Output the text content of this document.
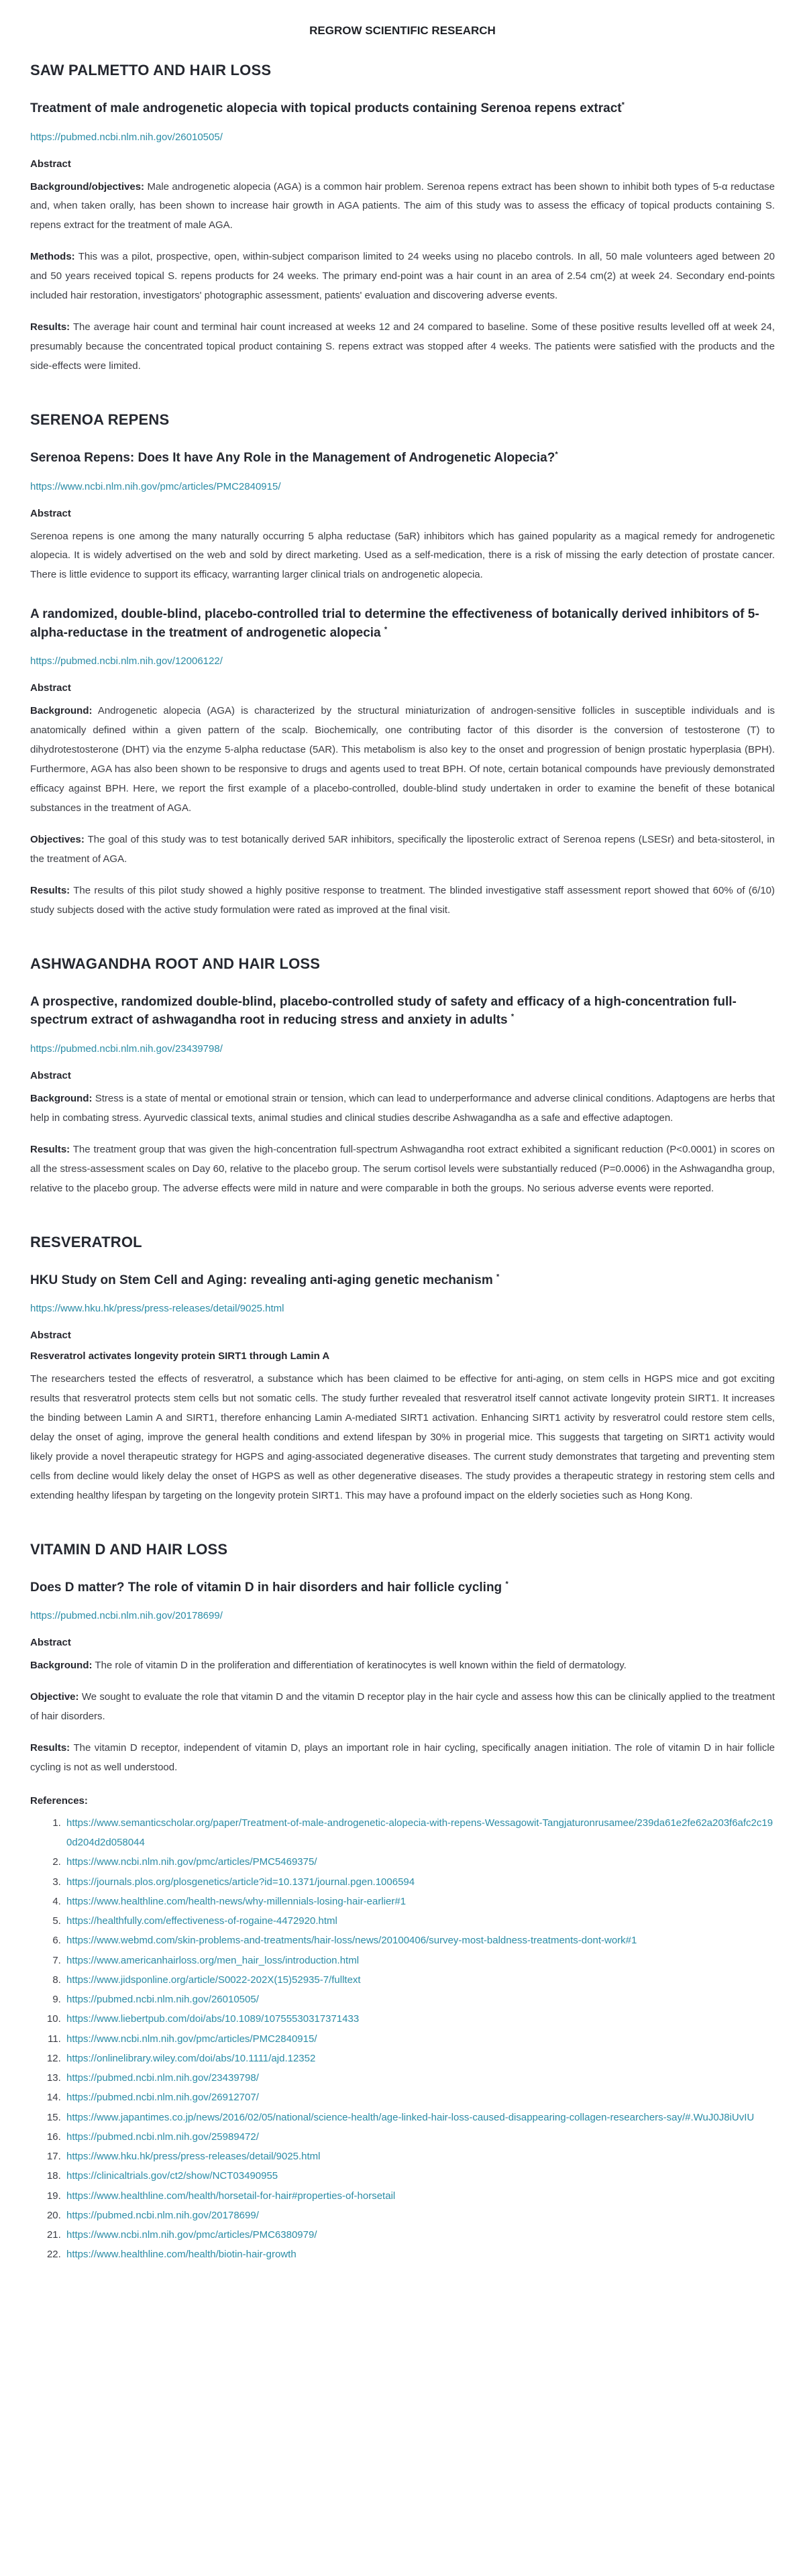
REGROW SCIENTIFIC RESEARCH
SAW PALMETTO AND HAIR LOSS
Treatment of male androgenetic alopecia with topical products containing Serenoa repens extract*

https://pubmed.ncbi.nlm.nih.gov/26010505/

Abstract

Background/objectives: Male androgenetic alopecia (AGA) is a common hair problem. Serenoa repens extract has been shown to inhibit both types of 5-α reductase and, when taken orally, has been shown to increase hair growth in AGA patients. The aim of this study was to assess the efficacy of topical products containing S. repens extract for the treatment of male AGA.

Methods: This was a pilot, prospective, open, within-subject comparison limited to 24 weeks using no placebo controls. In all, 50 male volunteers aged between 20 and 50 years received topical S. repens products for 24 weeks. The primary end-point was a hair count in an area of 2.54 cm(2) at week 24. Secondary end-points included hair restoration, investigators' photographic assessment, patients' evaluation and discovering adverse events.

Results: The average hair count and terminal hair count increased at weeks 12 and 24 compared to baseline. Some of these positive results levelled off at week 24, presumably because the concentrated topical product containing S. repens extract was stopped after 4 weeks. The patients were satisfied with the products and the side-effects were limited.

SERENOA REPENS
Serenoa Repens: Does It have Any Role in the Management of Androgenetic Alopecia?*

https://www.ncbi.nlm.nih.gov/pmc/articles/PMC2840915/

Abstract

Serenoa repens is one among the many naturally occurring 5 alpha reductase (5aR) inhibitors which has gained popularity as a magical remedy for androgenetic alopecia. It is widely advertised on the web and sold by direct marketing. Used as a self-medication, there is a risk of missing the early detection of prostate cancer. There is little evidence to support its efficacy, warranting larger clinical trials on androgenetic alopecia.

A randomized, double-blind, placebo-controlled trial to determine the effectiveness of botanically derived inhibitors of 5-alpha-reductase in the treatment of androgenetic alopecia *

https://pubmed.ncbi.nlm.nih.gov/12006122/

Abstract

Background: Androgenetic alopecia (AGA) is characterized by the structural miniaturization of androgen-sensitive follicles in susceptible individuals and is anatomically defined within a given pattern of the scalp. Biochemically, one contributing factor of this disorder is the conversion of testosterone (T) to dihydrotestosterone (DHT) via the enzyme 5-alpha reductase (5AR). This metabolism is also key to the onset and progression of benign prostatic hyperplasia (BPH). Furthermore, AGA has also been shown to be responsive to drugs and agents used to treat BPH. Of note, certain botanical compounds have previously demonstrated efficacy against BPH. Here, we report the first example of a placebo-controlled, double-blind study undertaken in order to examine the benefit of these botanical substances in the treatment of AGA.

Objectives: The goal of this study was to test botanically derived 5AR inhibitors, specifically the liposterolic extract of Serenoa repens (LSESr) and beta-sitosterol, in the treatment of AGA.

Results: The results of this pilot study showed a highly positive response to treatment. The blinded investigative staff assessment report showed that 60% of (6/10) study subjects dosed with the active study formulation were rated as improved at the final visit.

ASHWAGANDHA ROOT AND HAIR LOSS
A prospective, randomized double-blind, placebo-controlled study of safety and efficacy of a high-concentration full-spectrum extract of ashwagandha root in reducing stress and anxiety in adults *

https://pubmed.ncbi.nlm.nih.gov/23439798/

Abstract

Background: Stress is a state of mental or emotional strain or tension, which can lead to underperformance and adverse clinical conditions. Adaptogens are herbs that help in combating stress. Ayurvedic classical texts, animal studies and clinical studies describe Ashwagandha as a safe and effective adaptogen.

Results: The treatment group that was given the high-concentration full-spectrum Ashwagandha root extract exhibited a significant reduction (P<0.0001) in scores on all the stress-assessment scales on Day 60, relative to the placebo group. The serum cortisol levels were substantially reduced (P=0.0006) in the Ashwagandha group, relative to the placebo group. The adverse effects were mild in nature and were comparable in both the groups. No serious adverse events were reported.

RESVERATROL
HKU Study on Stem Cell and Aging: revealing anti-aging genetic mechanism *

https://www.hku.hk/press/press-releases/detail/9025.html

Abstract

Resveratrol activates longevity protein SIRT1 through Lamin A

The researchers tested the effects of resveratrol, a substance which has been claimed to be effective for anti-aging, on stem cells in HGPS mice and got exciting results that resveratrol protects stem cells but not somatic cells. The study further revealed that resveratrol itself cannot activate longevity protein SIRT1. It increases the binding between Lamin A and SIRT1, therefore enhancing Lamin A-mediated SIRT1 activation. Enhancing SIRT1 activity by resveratrol could restore stem cells, delay the onset of aging, improve the general health conditions and extend lifespan by 30% in progerial mice. This suggests that targeting on SIRT1 activity would likely provide a novel therapeutic strategy for HGPS and aging-associated degenerative diseases. The current study demonstrates that targeting and preventing stem cells from decline would likely delay the onset of HGPS as well as other degenerative diseases. The study provides a therapeutic strategy in restoring stem cells and extending healthy lifespan by targeting on the longevity protein SIRT1. This may have a profound impact on the elderly societies such as Hong Kong.

VITAMIN D AND HAIR LOSS
Does D matter? The role of vitamin D in hair disorders and hair follicle cycling *

https://pubmed.ncbi.nlm.nih.gov/20178699/

Abstract

Background: The role of vitamin D in the proliferation and differentiation of keratinocytes is well known within the field of dermatology.

Objective: We sought to evaluate the role that vitamin D and the vitamin D receptor play in the hair cycle and assess how this can be clinically applied to the treatment of hair disorders.

Results: The vitamin D receptor, independent of vitamin D, plays an important role in hair cycling, specifically anagen initiation. The role of vitamin D in hair follicle cycling is not as well understood.

References:

1. https://www.semanticscholar.org/paper/Treatment-of-male-androgenetic-alopecia-with-repens-Wessagowit-Tangjaturonrusamee/239da61e2fe62a203f6afc2c190d204d2d058044
2. https://www.ncbi.nlm.nih.gov/pmc/articles/PMC5469375/
3. https://journals.plos.org/plosgenetics/article?id=10.1371/journal.pgen.1006594
4. https://www.healthline.com/health-news/why-millennials-losing-hair-earlier#1
5. https://healthfully.com/effectiveness-of-rogaine-4472920.html
6. https://www.webmd.com/skin-problems-and-treatments/hair-loss/news/20100406/survey-most-baldness-treatments-dont-work#1
7. https://www.americanhairloss.org/men_hair_loss/introduction.html
8. https://www.jidsponline.org/article/S0022-202X(15)52935-7/fulltext
9. https://pubmed.ncbi.nlm.nih.gov/26010505/
10. https://www.liebertpub.com/doi/abs/10.1089/10755530317371433
11. https://www.ncbi.nlm.nih.gov/pmc/articles/PMC2840915/
12. https://onlinelibrary.wiley.com/doi/abs/10.1111/ajd.12352
13. https://pubmed.ncbi.nlm.nih.gov/23439798/
14. https://pubmed.ncbi.nlm.nih.gov/26912707/
15. https://www.japantimes.co.jp/news/2016/02/05/national/science-health/age-linked-hair-loss-caused-disappearing-collagen-researchers-say/#.WuJ0J8iUvIU
16. https://pubmed.ncbi.nlm.nih.gov/25989472/
17. https://www.hku.hk/press/press-releases/detail/9025.html
18. https://clinicaltrials.gov/ct2/show/NCT03490955
19. https://www.healthline.com/health/horsetail-for-hair#properties-of-horsetail
20. https://pubmed.ncbi.nlm.nih.gov/20178699/
21. https://www.ncbi.nlm.nih.gov/pmc/articles/PMC6380979/
22. https://www.healthline.com/health/biotin-hair-growth
